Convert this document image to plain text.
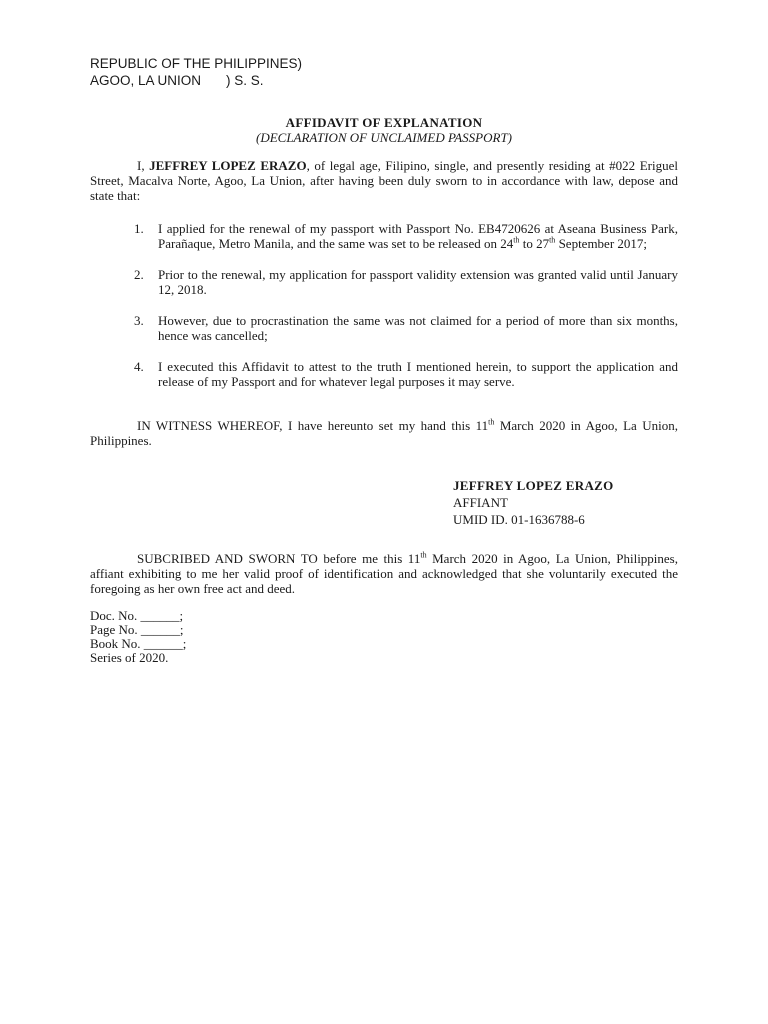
REPUBLIC OF THE PHILIPPINES)
AGOO, LA UNION ) S. S.
AFFIDAVIT OF EXPLANATION
(DECLARATION OF UNCLAIMED PASSPORT)
I, JEFFREY LOPEZ ERAZO, of legal age, Filipino, single, and presently residing at #022 Eriguel Street, Macalva Norte, Agoo, La Union, after having been duly sworn to in accordance with law, depose and state that:
1. I applied for the renewal of my passport with Passport No. EB4720626 at Aseana Business Park, Parañaque, Metro Manila, and the same was set to be released on 24th to 27th September 2017;
2. Prior to the renewal, my application for passport validity extension was granted valid until January 12, 2018.
3. However, due to procrastination the same was not claimed for a period of more than six months, hence was cancelled;
4. I executed this Affidavit to attest to the truth I mentioned herein, to support the application and release of my Passport and for whatever legal purposes it may serve.
IN WITNESS WHEREOF, I have hereunto set my hand this 11th March 2020 in Agoo, La Union, Philippines.
JEFFREY LOPEZ ERAZO
AFFIANT
UMID ID. 01-1636788-6
SUBCRIBED AND SWORN TO before me this 11th March 2020 in Agoo, La Union, Philippines, affiant exhibiting to me her valid proof of identification and acknowledged that she voluntarily executed the foregoing as her own free act and deed.
Doc. No. ______;
Page No. ______;
Book No. ______;
Series of 2020.
